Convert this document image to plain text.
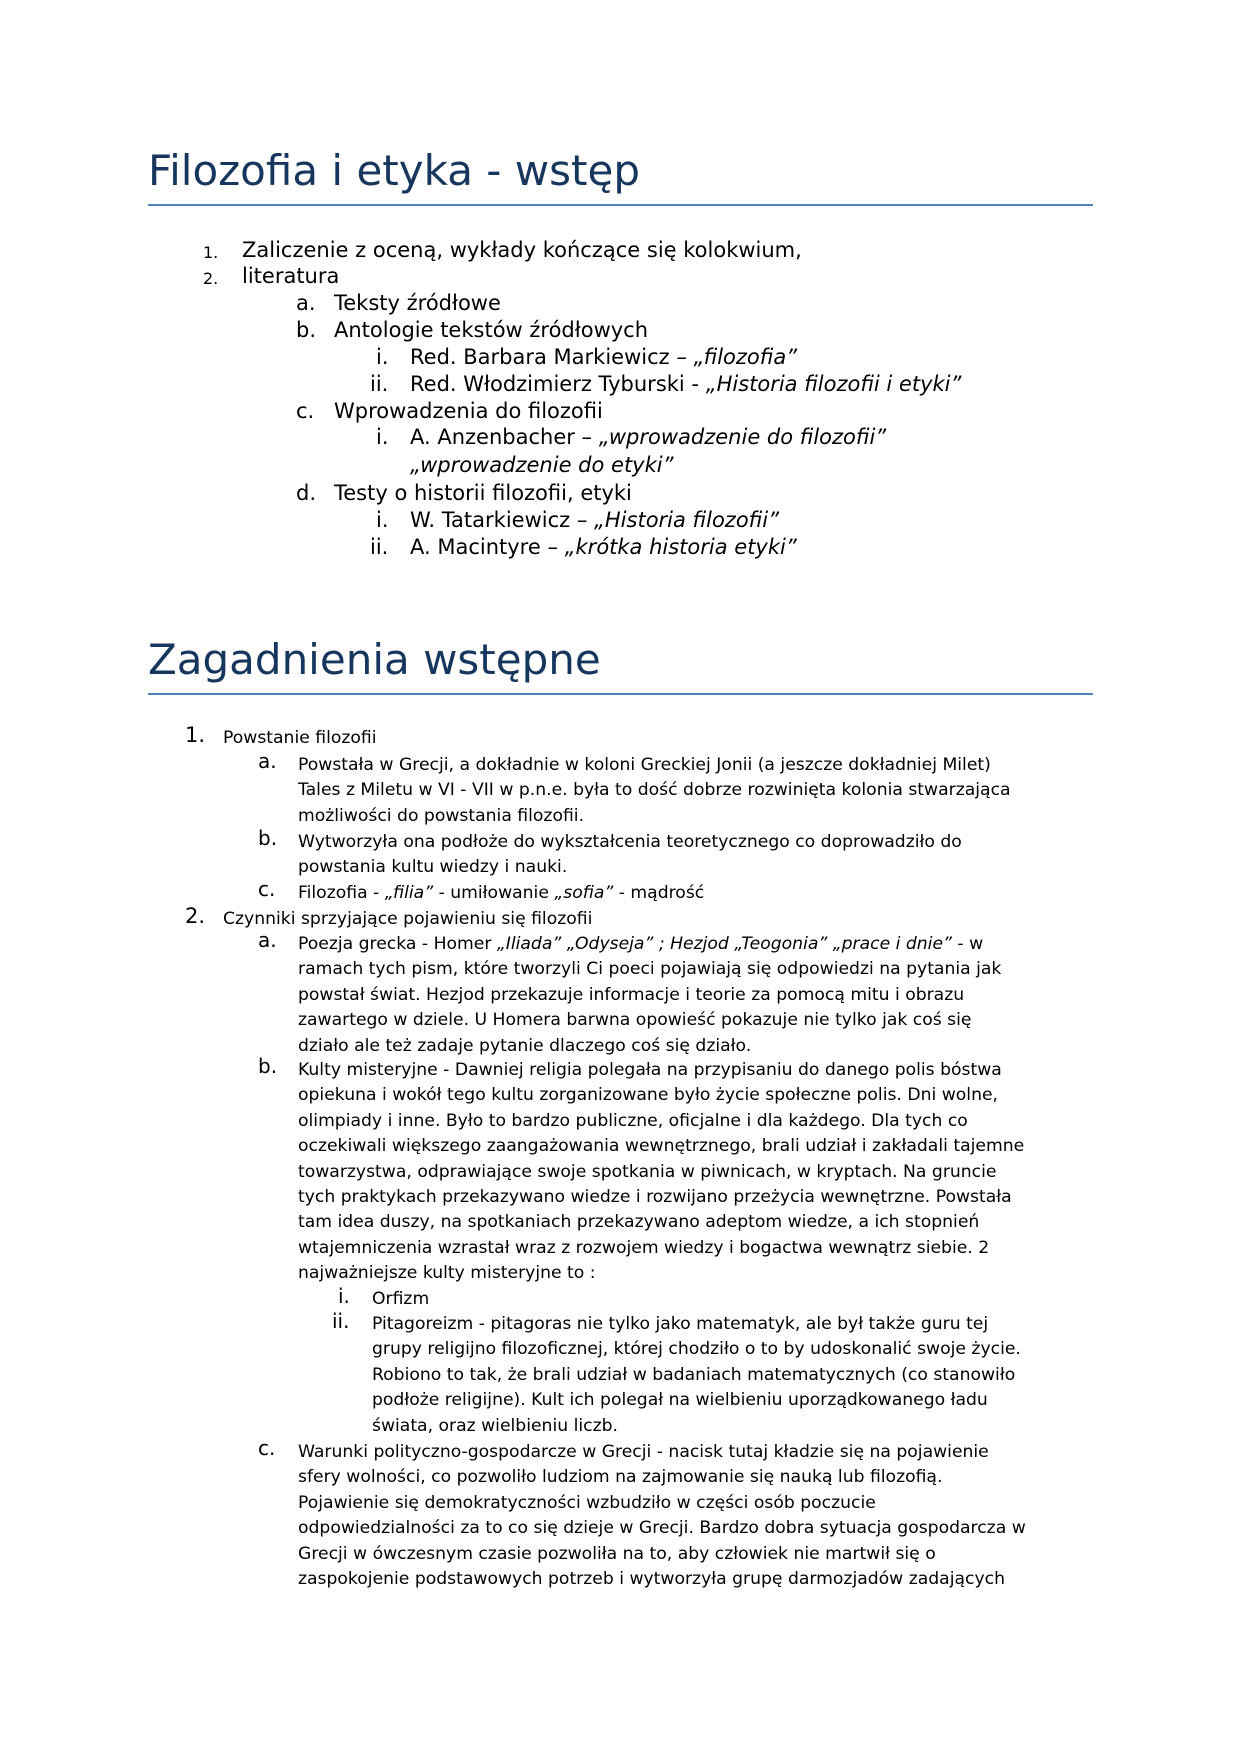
Filozofia i etyka - wstęp
1. Zaliczenie z oceną, wykłady kończące się kolokwium,
2. literatura
a. Teksty źródłowe
b. Antologie tekstów źródłowych
i. Red. Barbara Markiewicz – „filozofia”
ii. Red. Włodzimierz Tyburski - „Historia filozofii i etyki”
c. Wprowadzenia do filozofii
i. A. Anzenbacher – „wprowadzenie do filozofii”
„wprowadzenie do etyki”
d. Testy o historii filozofii, etyki
i. W. Tatarkiewicz – „Historia filozofii”
ii. A. Macintyre – „krótka historia etyki”
Zagadnienia wstępne
1. Powstanie filozofii
a. Powstała w Grecji, a dokładnie w koloni Greckiej Jonii (a jeszcze dokładniej Milet)
Tales z Miletu w VI - VII w p.n.e. była to dość dobrze rozwinięta kolonia stwarzająca
możliwości do powstania filozofii.
b. Wytworzyła ona podłoże do wykształcenia teoretycznego co doprowadziło do
powstania kultu wiedzy i nauki.
c. Filozofia - „filia” - umiłowanie „sofia” - mądrość
2. Czynniki sprzyjające pojawieniu się filozofii
a. Poezja grecka - Homer „Iliada” „Odyseja” ; Hezjod „Teogonia” „prace i dnie” - w
ramach tych pism, które tworzyli Ci poeci pojawiają się odpowiedzi na pytania jak
powstał świat. Hezjod przekazuje informacje i teorie za pomocą mitu i obrazu
zawartego w dziele. U Homera barwna opowieść pokazuje nie tylko jak coś się
działo ale też zadaje pytanie dlaczego coś się działo.
b. Kulty misteryjne - Dawniej religia polegała na przypisaniu do danego polis bóstwa
opiekuna i wokół tego kultu zorganizowane było życie społeczne polis. Dni wolne,
olimpiady i inne. Było to bardzo publiczne, oficjalne i dla każdego. Dla tych co
oczekiwali większego zaangażowania wewnętrznego, brali udział i zakładali tajemne
towarzystwa, odprawiające swoje spotkania w piwnicach, w kryptach. Na gruncie
tych praktykach przekazywano wiedze i rozwijano przeżycia wewnętrzne. Powstała
tam idea duszy, na spotkaniach przekazywano adeptom wiedze, a ich stopnień
wtajemniczenia wzrastał wraz z rozwojem wiedzy i bogactwa wewnątrz siebie. 2
najważniejsze kulty misteryjne to :
i. Orfizm
ii. Pitagoreizm - pitagoras nie tylko jako matematyk, ale był także guru tej
grupy religijno filozoficznej, której chodziło o to by udoskonalić swoje życie.
Robiono to tak, że brali udział w badaniach matematycznych (co stanowiło
podłoże religijne). Kult ich polegał na wielbieniu uporządkowanego ładu
świata, oraz wielbieniu liczb.
c. Warunki polityczno-gospodarcze w Grecji - nacisk tutaj kładzie się na pojawienie
sfery wolności, co pozwoliło ludziom na zajmowanie się nauką lub filozofią.
Pojawienie się demokratyczności wzbudziło w części osób poczucie
odpowiedzialności za to co się dzieje w Grecji. Bardzo dobra sytuacja gospodarcza w
Grecji w ówczesnym czasie pozwoliła na to, aby człowiek nie martwił się o
zaspokojenie podstawowych potrzeb i wytworzyła grupę darmozjadów zadających
